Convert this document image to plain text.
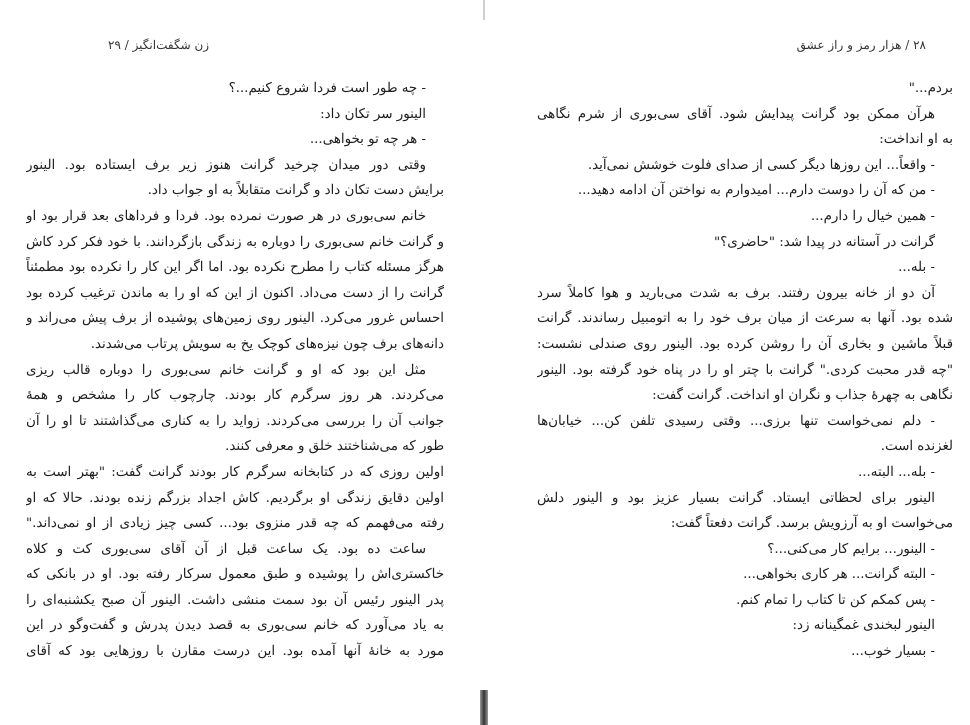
زن شگفت‌انگیز / ۲۹
- چه طور است فردا شروع کنیم...؟
الینور سر تکان داد:
- هر چه تو بخواهی...
وقتی دور میدان چرخید گرانت هنوز زیر برف ایستاده بود. الینور
برایش دست تکان داد و گرانت متقابلاً به او جواب داد.
خانم سی‌بوری در هر صورت نمرده بود. فردا و فرداهای بعد قرار بود او
و گرانت خانم سی‌بوری را دوباره به زندگی بازگردانند. با خود فکر کرد کاش
هرگز مسئله کتاب را مطرح نکرده بود. اما اگر این کار را نکرده بود مطمئناً
گرانت را از دست می‌داد. اکنون از این که او را به ماندن ترغیب کرده بود
احساس غرور می‌کرد. الینور روی زمین‌های پوشیده از برف پیش می‌راند و
دانه‌های برف چون نیزه‌های کوچک یخ به سویش پرتاب می‌شدند.
مثل این بود که او و گرانت خانم سی‌بوری را دوباره قالب ریزی
می‌کردند. هر روز سرگرم کار بودند. چارچوب کار را مشخص و همهٔ
جوانب آن را بررسی می‌کردند. زواید را به کناری می‌گذاشتند تا او را آن
طور که می‌شناختند خلق و معرفی کنند.
اولین روزی که در کتابخانه سرگرم کار بودند گرانت گفت: "بهتر است به
اولین دقایق زندگی او برگردیم. کاش اجداد بزرگم زنده بودند. حالا که او
رفته می‌فهمم که چه قدر منزوی بود... کسی چیز زیادی از او نمی‌داند."
ساعت ده بود. یک ساعت قبل از آن آقای سی‌بوری کت و کلاه
خاکستری‌اش را پوشیده و طبق معمول سرکار رفته بود. او در بانکی که
پدر الینور رئیس آن بود سمت منشی داشت. الینور آن صبح یکشنبه‌ای را
به یاد می‌آورد که خانم سی‌بوری به قصد دیدن پدرش و گفت‌وگو در این
مورد به خانهٔ آنها آمده بود. این درست مقارن با روزهایی بود که آقای
۲۸ / هزار رمز و راز عشق
بردم..."
هرآن ممکن بود گرانت پیدایش شود. آقای سی‌بوری از شرم نگاهی
به او انداخت:
- واقعاً... این روزها دیگر کسی از صدای فلوت خوشش نمی‌آید.
- من که آن را دوست دارم... امیدوارم به نواختن آن ادامه دهید...
- همین خیال را دارم...
گرانت در آستانه در پیدا شد: "حاضری؟"
- بله...
آن دو از خانه بیرون رفتند. برف به شدت می‌بارید و هوا کاملاً سرد
شده بود. آنها به سرعت از میان برف خود را به اتومبیل رساندند. گرانت
قبلاً ماشین و بخاری آن را روشن کرده بود. الینور روی صندلی نشست:
"چه قدر محبت کردی." گرانت با چتر او را در پناه خود گرفته بود. الینور
نگاهی به چهرهٔ جذاب و نگران او انداخت. گرانت گفت:
- دلم نمی‌خواست تنها برزی... وقتی رسیدی تلفن کن... خیابان‌ها
لغزنده است.
- بله... البته...
الینور برای لحظاتی ایستاد. گرانت بسیار عزیز بود و الینور دلش
می‌خواست او به آرزویش برسد. گرانت دفعتاً گفت:
- الینور... برایم کار می‌کنی...؟
- البته گرانت... هر کاری بخواهی...
- پس کمکم کن تا کتاب را تمام کنم.
الینور لبخندی غمگینانه زد:
- بسیار خوب...
